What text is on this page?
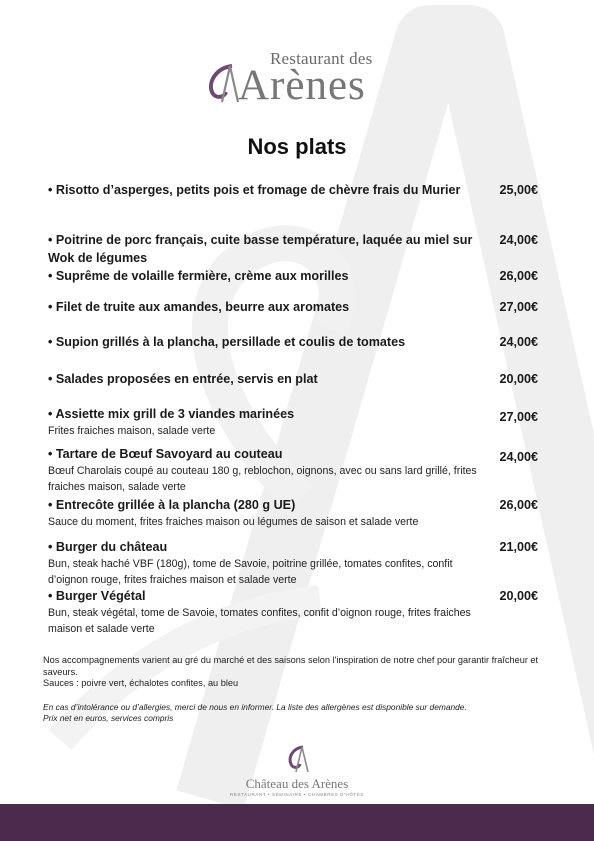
Restaurant des
Arènes
Nos plats
• Risotto d’asperges, petits pois et fromage de chèvre frais du Murier	25,00€
• Poitrine de porc français, cuite basse température, laquée au miel sur Wok de légumes
24,00€
• Suprême de volaille fermière, crème aux morilles	26,00€
• Filet de truite aux amandes, beurre aux aromates	27,00€
• Supion grillés à la plancha, persillade et coulis de tomates	24,00€
• Salades proposées en entrée, servis en plat	20,00€
• Assiette mix grill de 3 viandes marinées	27,00€
Frites fraiches maison, salade verte
• Tartare de Bœuf Savoyard au couteau	24,00€
Bœuf Charolais coupé au couteau 180 g, reblochon, oignons, avec ou sans lard grillé, frites fraiches maison, salade verte
• Entrecôte grillée à la plancha (280 g UE)	26,00€
Sauce du moment, frites fraiches maison ou légumes de saison et salade verte
• Burger du château	21,00€
Bun, steak haché VBF (180g), tome de Savoie, poitrine grillée, tomates confites, confit d’oignon rouge, frites fraiches maison et salade verte
• Burger Végétal	20,00€
Bun, steak végétal, tome de Savoie, tomates confites, confit d’oignon rouge, frites fraiches maison et salade verte

Nos accompagnements varient au gré du marché et des saisons selon l'inspiration de notre chef pour garantir fraîcheur et saveurs.

Sauces : poivre vert, échalotes confites, au bleu

En cas d’intolérance ou d’allergies, merci de nous en informer. La liste des allergènes est disponible sur demande.

Prix net en euros, services compris

Château des Arènes
RESTAURANT • SÉMINAIRE • CHAMBRES D'HÔTES
